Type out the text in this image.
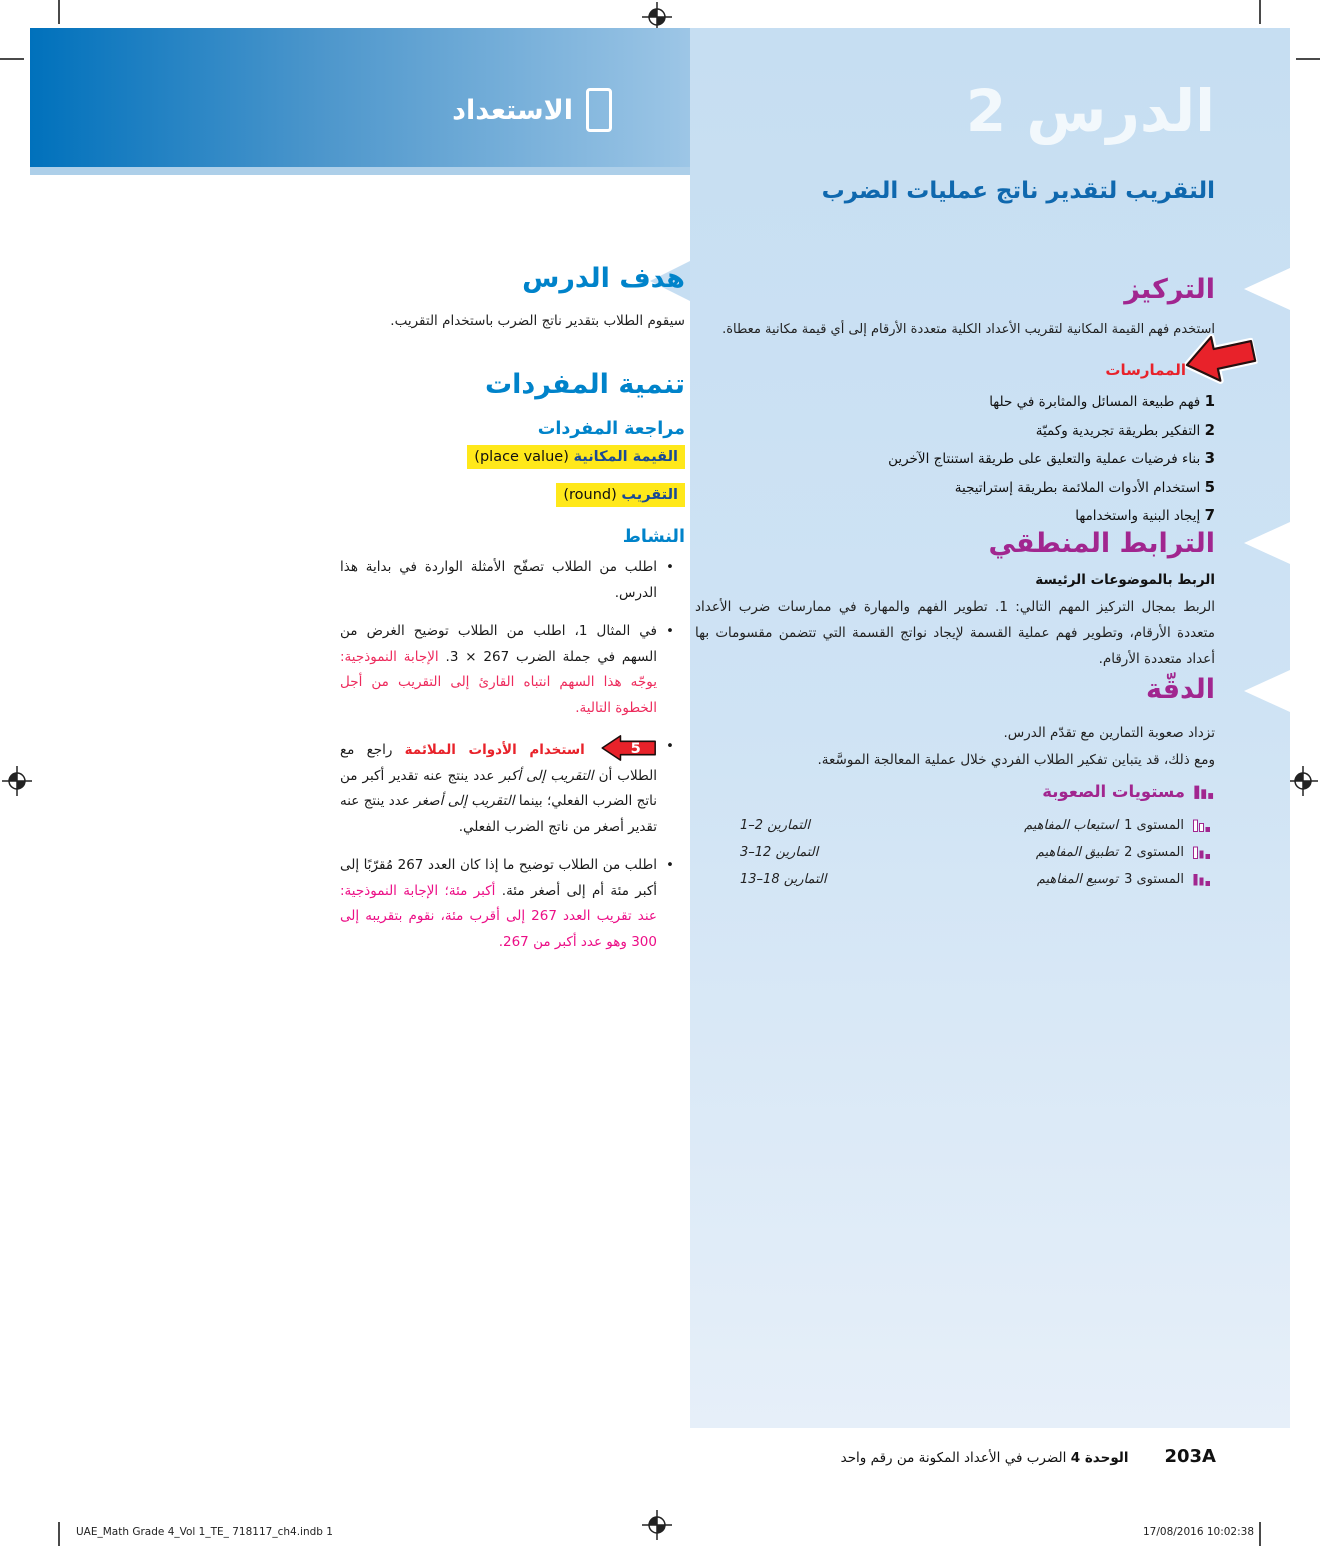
الاستعداد	الدرس 2
التقريب لتقدير ناتج عمليات الضرب
التركيز
استخدم فهم القيمة المكانية لتقريب الأعداد الكلية متعددة الأرقام إلى أي قيمة مكانية معطاة.
الممارسات
1 فهم طبيعة المسائل والمثابرة في حلها
2 التفكير بطريقة تجريدية وكميّة
3 بناء فرضيات عملية والتعليق على طريقة استنتاج الآخرين
5 استخدام الأدوات الملائمة بطريقة إستراتيجية
7 إيجاد البنية واستخدامها
الترابط المنطقي
الربط بالموضوعات الرئيسة
الربط بمجال التركيز المهم التالي: 1. تطوير الفهم والمهارة في ممارسات ضرب الأعداد متعددة الأرقام، وتطوير فهم عملية القسمة لإيجاد نواتج القسمة التي تتضمن مقسومات بها أعداد متعددة الأرقام.
الدقّة
تزداد صعوبة التمارين مع تقدّم الدرس.
ومع ذلك، قد يتباين تفكير الطلاب الفردي خلال عملية المعالجة الموسَّعة.
مستويات الصعوبة
المستوى 1
استيعاب المفاهيم
التمارين 1–2
المستوى 2
تطبيق المفاهيم
التمارين 3–12
المستوى 3
توسيع المفاهيم
التمارين 13–18
هدف الدرس
سيقوم الطلاب بتقدير ناتج الضرب باستخدام التقريب.
تنمية المفردات
مراجعة المفردات
القيمة المكانية (place value)
التقريب (round)
النشاط
•
اطلب من الطلاب تصفّح الأمثلة الواردة في بداية هذا الدرس.
•
في المثال 1، اطلب من الطلاب توضيح الغرض من السهم في جملة الضرب 267 × 3. الإجابة النموذجية: يوجّه هذا السهم انتباه القارئ إلى التقريب من أجل الخطوة التالية.
•
5
استخدام الأدوات الملائمة راجع مع الطلاب أن التقريب إلى أكبر عدد ينتج عنه تقدير أكبر من ناتج الضرب الفعلي؛ بينما التقريب إلى أصغر عدد ينتج عنه تقدير أصغر من ناتج الضرب الفعلي.
•
اطلب من الطلاب توضيح ما إذا كان العدد 267 مُقرّبًا إلى أكبر مئة أم إلى أصغر مئة. أكبر مئة؛ الإجابة النموذجية: عند تقريب العدد 267 إلى أقرب مئة، نقوم بتقريبه إلى 300 وهو عدد أكبر من 267.
203A
الوحدة 4 الضرب في الأعداد المكونة من رقم واحد
UAE_Math Grade 4_Vol 1_TE_ 718117_ch4.indb 1	17/08/2016 10:02:38
